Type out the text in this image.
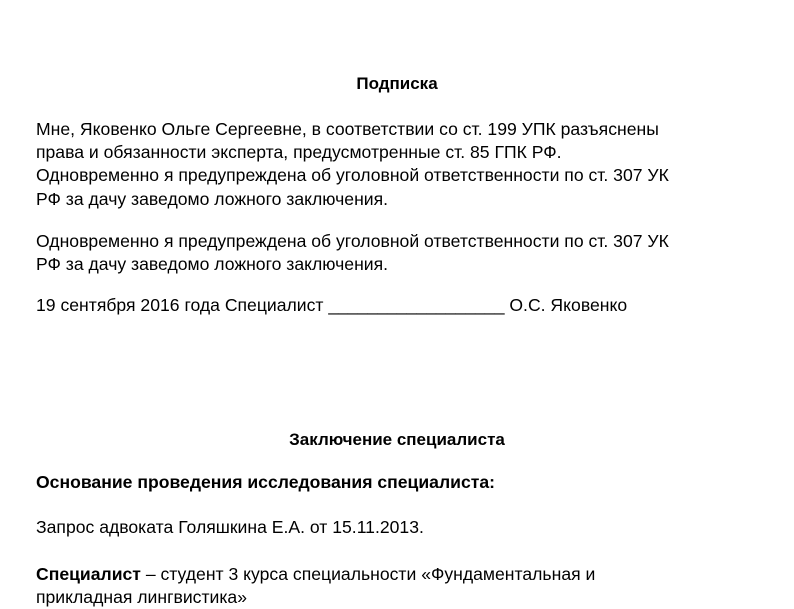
Подписка
Мне, Яковенко Ольге Сергеевне, в соответствии со ст. 199 УПК разъяснены
права и обязанности эксперта, предусмотренные ст. 85 ГПК РФ.
Одновременно я предупреждена об уголовной ответственности по ст. 307 УК
РФ за дачу заведомо ложного заключения.
Одновременно я предупреждена об уголовной ответственности по ст. 307 УК
РФ за дачу заведомо ложного заключения.
19 сентября 2016 года Специалист __________________ О.С. Яковенко
Заключение специалиста
Основание проведения исследования специалиста:
Запрос адвоката Голяшкина Е.А. от 15.11.2013.
Специалист – студент 3 курса специальности «Фундаментальная и
прикладная лингвистика»
